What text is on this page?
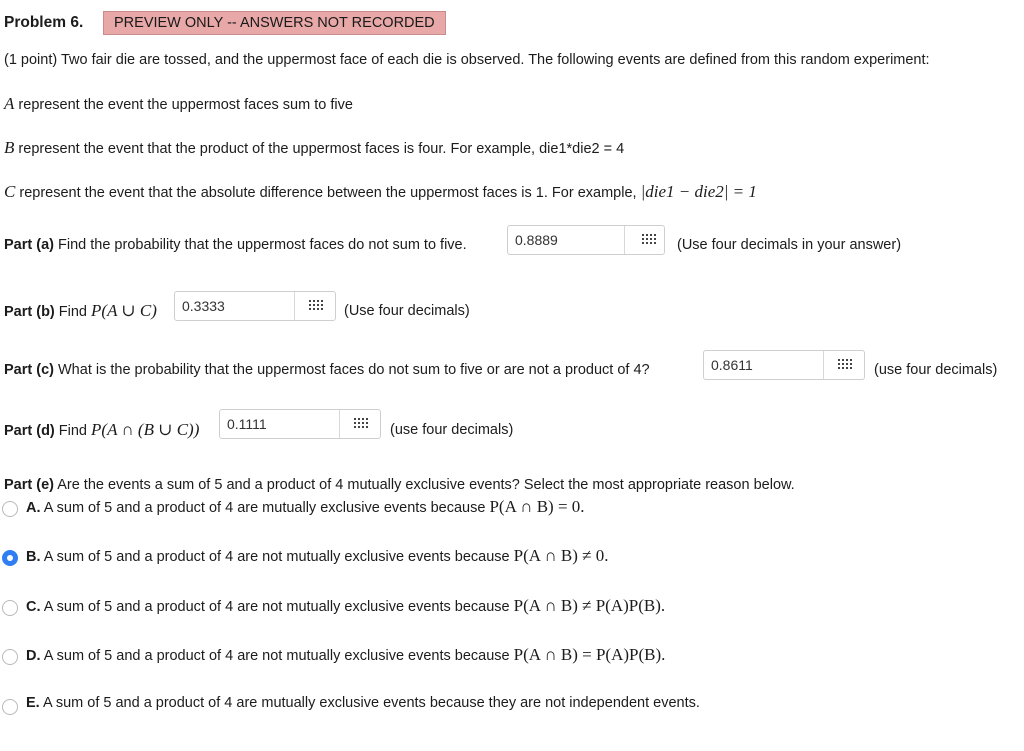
Problem 6.	PREVIEW ONLY -- ANSWERS NOT RECORDED
(1 point) Two fair die are tossed, and the uppermost face of each die is observed. The following events are defined from this random experiment:
A represent the event the uppermost faces sum to five
B represent the event that the product of the uppermost faces is four. For example, die1*die2 = 4
C represent the event that the absolute difference between the uppermost faces is 1. For example, |die1 − die2| = 1
Part (a) Find the probability that the uppermost faces do not sum to five.	0.8889	(Use four decimals in your answer)
Part (b) Find P(A ∪ C) 0.3333	(Use four decimals)
Part (c) What is the probability that the uppermost faces do not sum to five or are not a product of 4?	0.8611	(use four decimals)
Part (d) Find P(A ∩ (B ∪ C)) 0.1111	(use four decimals)
Part (e) Are the events a sum of 5 and a product of 4 mutually exclusive events? Select the most appropriate reason below.
A. A sum of 5 and a product of 4 are mutually exclusive events because P(A ∩ B) = 0.
B. A sum of 5 and a product of 4 are not mutually exclusive events because P(A ∩ B) ≠ 0.
C. A sum of 5 and a product of 4 are not mutually exclusive events because P(A ∩ B) ≠ P(A)P(B).
D. A sum of 5 and a product of 4 are not mutually exclusive events because P(A ∩ B) = P(A)P(B).
E. A sum of 5 and a product of 4 are mutually exclusive events because they are not independent events.
